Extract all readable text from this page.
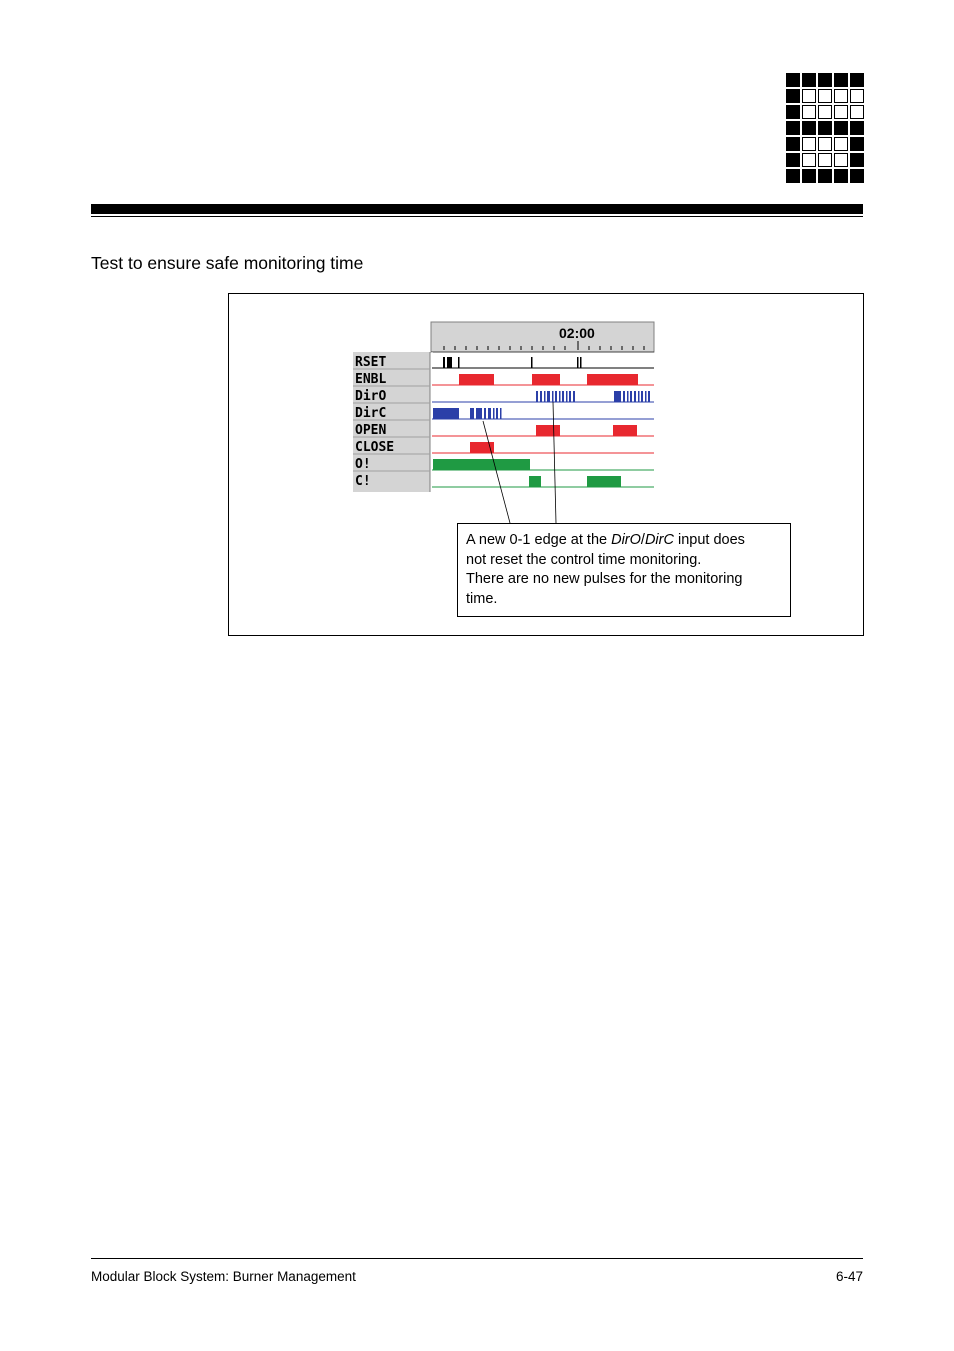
Test to ensure safe monitoring time
02:00
RSET
ENBL
DirO
DirC
OPEN
CLOSE
O!
C!
A new 0-1 edge at the DirO/DirC input does
not reset the control time monitoring.
There are no new pulses for the monitoring
time.
Modular Block System: Burner Management	6-47
